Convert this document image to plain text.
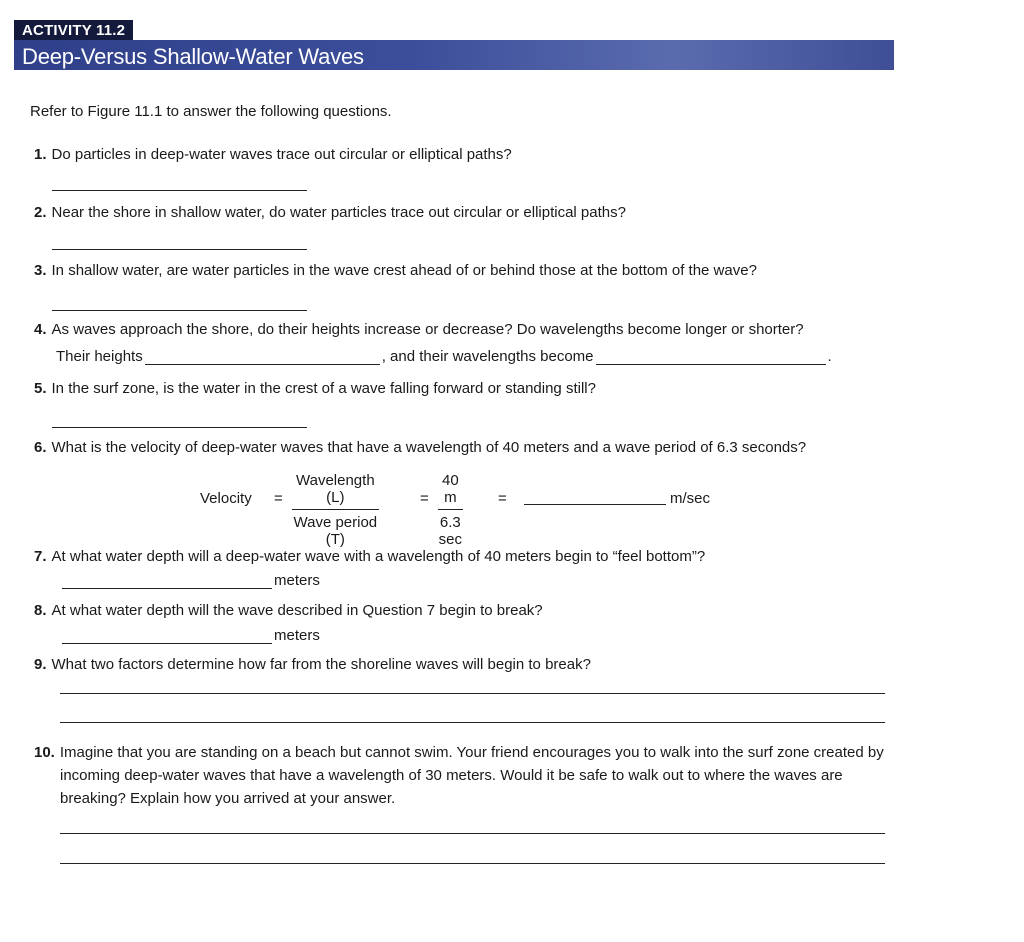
ACTIVITY 11.2
Deep-Versus Shallow-Water Waves
Refer to Figure 11.1 to answer the following questions.
1. Do particles in deep-water waves trace out circular or elliptical paths?
2. Near the shore in shallow water, do water particles trace out circular or elliptical paths?
3. In shallow water, are water particles in the wave crest ahead of or behind those at the bottom of the wave?
4. As waves approach the shore, do their heights increase or decrease? Do wavelengths become longer or shorter?
Their heights	, and their wavelengths become	.
5. In the surf zone, is the water in the crest of a wave falling forward or standing still?
6. What is the velocity of deep-water waves that have a wavelength of 40 meters and a wave period of 6.3 seconds?
Velocity =
Wavelength (L)
Wave period (T)
=
40 m
6.3 sec
=	m/sec
7. At what water depth will a deep-water wave with a wavelength of 40 meters begin to “feel bottom”?
meters
8. At what water depth will the wave described in Question 7 begin to break?
meters
9. What two factors determine how far from the shoreline waves will begin to break?
10. Imagine that you are standing on a beach but cannot swim. Your friend encourages you to walk into the surf zone created by incoming deep-water waves that have a wavelength of 30 meters. Would it be safe to walk out to where the waves are breaking? Explain how you arrived at your answer.
